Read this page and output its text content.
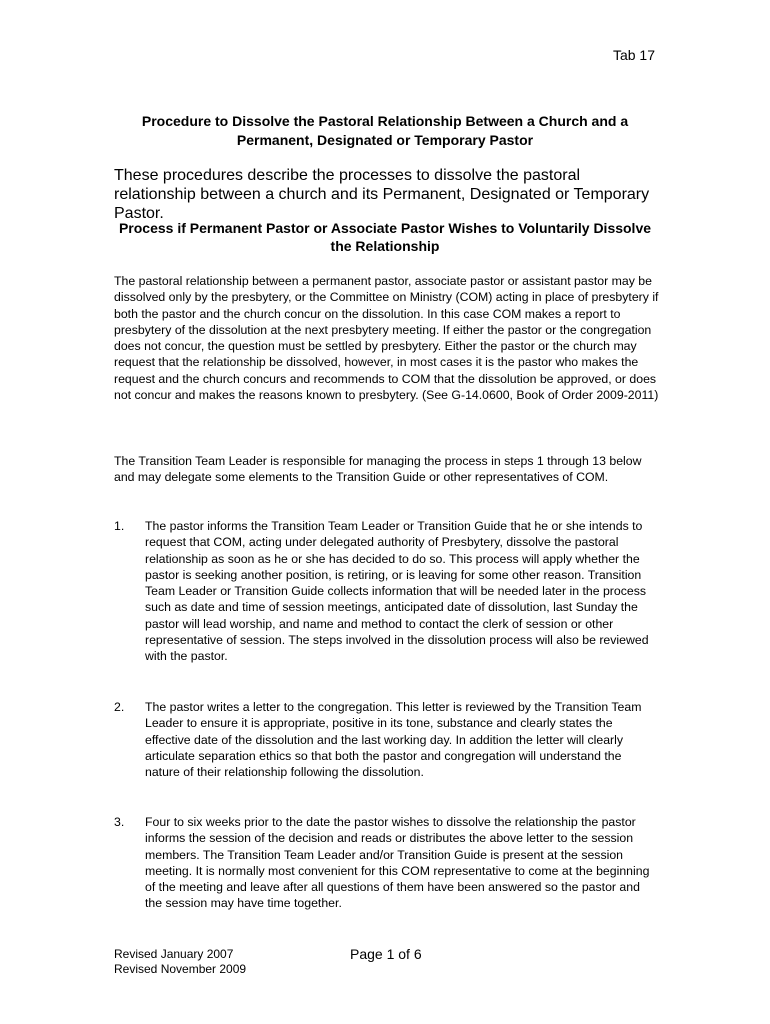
Tab 17
Procedure to Dissolve the Pastoral Relationship Between a Church and a Permanent, Designated or Temporary Pastor

These procedures describe the processes to dissolve the pastoral relationship between a church and its Permanent, Designated or Temporary Pastor.

Process if Permanent Pastor or Associate Pastor Wishes to Voluntarily Dissolve the Relationship

The pastoral relationship between a permanent pastor, associate pastor or assistant pastor may be dissolved only by the presbytery, or the Committee on Ministry (COM) acting in place of presbytery if both the pastor and the church concur on the dissolution. In this case COM makes a report to presbytery of the dissolution at the next presbytery meeting. If either the pastor or the congregation does not concur, the question must be settled by presbytery. Either the pastor or the church may request that the relationship be dissolved, however, in most cases it is the pastor who makes the request and the church concurs and recommends to COM that the dissolution be approved, or does not concur and makes the reasons known to presbytery. (See G-14.0600, Book of Order 2009-2011)

The Transition Team Leader is responsible for managing the process in steps 1 through 13 below and may delegate some elements to the Transition Guide or other representatives of COM.

1. The pastor informs the Transition Team Leader or Transition Guide that he or she intends to request that COM, acting under delegated authority of Presbytery, dissolve the pastoral relationship as soon as he or she has decided to do so. This process will apply whether the pastor is seeking another position, is retiring, or is leaving for some other reason. Transition Team Leader or Transition Guide collects information that will be needed later in the process such as date and time of session meetings, anticipated date of dissolution, last Sunday the pastor will lead worship, and name and method to contact the clerk of session or other representative of session. The steps involved in the dissolution process will also be reviewed with the pastor.

2. The pastor writes a letter to the congregation. This letter is reviewed by the Transition Team Leader to ensure it is appropriate, positive in its tone, substance and clearly states the effective date of the dissolution and the last working day. In addition the letter will clearly articulate separation ethics so that both the pastor and congregation will understand the nature of their relationship following the dissolution.

3. Four to six weeks prior to the date the pastor wishes to dissolve the relationship the pastor informs the session of the decision and reads or distributes the above letter to the session members. The Transition Team Leader and/or Transition Guide is present at the session meeting. It is normally most convenient for this COM representative to come at the beginning of the meeting and leave after all questions of them have been answered so the pastor and the session may have time together.

Revised January 2007
Revised November 2009
Page 1 of 6
